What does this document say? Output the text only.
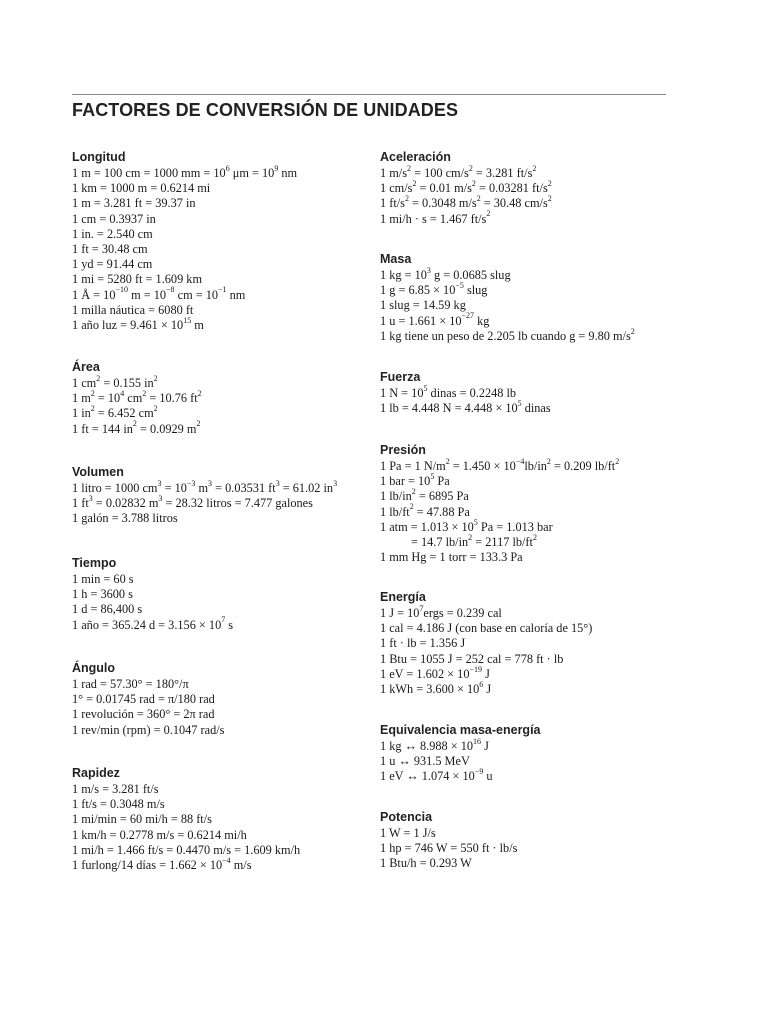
FACTORES DE CONVERSIÓN DE UNIDADES
Longitud
1 m = 100 cm = 1000 mm = $10^6$ $\mu m = 10^9$ nm
1 km = 1000 m = 0.6214 mi
1 m = 3.281 ft = 39.37 in
1 cm = 0.3937 in
1 in. = 2.540 cm
1 ft = 30.48 cm
1 yd = 91.44 cm
1 mi = 5280 ft = 1.609 km
1 Å = $10^{-10}$ $m = 10^{-8}$ cm = $10^{-1}$ nm
1 milla náutica = 6080 ft
1 año luz = $9.461 \times 10^{15}$ m
Área
1 $cm^2 = 0.155$ $in^2$
1 $m^2 = 10^4$ $cm^2 = 10.76$ $ft^2$
1 $in^2 = 6.452$ $cm^2$
1 ft = 144 $in^2 = 0.0929$ $m^2$
Volumen
1 litro = 1000 $cm^3 = 10^{-3}$ $m^3 = 0.03531$ $ft^3 = 61.02$ $in^3$
1 $ft^3 = 0.02832$ $m^3 = 28.32$ litros = 7.477 galones
1 galón = 3.788 litros
Tiempo
1 min = 60 s
1 h = 3600 s
1 d = 86,400 s
1 año = 365.24 $d = 3.156 \times 10^7$ s
Ángulo
1 rad = 57.30° = 180°/π
1° = 0.01745 rad = π/180 rad
1 revolución = 360° = 2π rad
1 rev/min (rpm) = 0.1047 rad/s
Rapidez
1 m/s = 3.281 ft/s
1 ft/s = 0.3048 m/s
1 mi/min = 60 mi/h = 88 ft/s
1 km/h = 0.2778 m/s = 0.6214 mi/h
1 mi/h = 1.466 ft/s = 0.4470 m/s = 1.609 km/h
1 furlong/14 días = $1.662 \times 10^{-4}$ m/s
Aceleración
1 $m/s^2 = 100$ $cm/s^2 = 3.281$ $ft/s^2$
1 $cm/s^2 = 0.01$ $m/s^2 = 0.03281$ $ft/s^2$
1 $ft/s^2 = 0.3048$ $m/s^2 = 30.48$ $cm/s^2$
1 mi/h · s = 1.467 $ft/s^2$
Masa
1 kg = $10^3$ g = 0.0685 slug
1 $g = 6.85 \times 10^{-5}$ slug
1 slug = 14.59 kg
1 $u = 1.661 \times 10^{-27}$ kg
1 kg tiene un peso de 2.205 lb cuando g = 9.80 $m/s^2$
Fuerza
1 $N = 10^5$ dinas = 0.2248 lb
1 lb = 4.448 $N = 4.448 \times 10^5$ dinas
Presión
1 Pa = 1 $N/m^2 = 1.450 \times 10^{-4}lb/in^2 = 0.209$ $lb/ft^2$
1 bar = $10^5$ Pa
1 $lb/in^2 = 6895$ Pa
1 $lb/ft^2 = 47.88$ Pa
1 atm = $1.013 \times 10^5$ Pa = 1.013 bar
= 14.7 $lb/in^2 = 2117$ $lb/ft^2$
1 mm Hg = 1 torr = 133.3 Pa
Energía
1 $J = 10^7ergs = 0.239$ cal
1 cal = 4.186 J (con base en caloría de 15°)
1 ft · lb = 1.356 J
1 Btu = 1055 J = 252 cal = 778 ft · lb
1 eV = $1.602 \times 10^{-19}$ J
1 kWh = $3.600 \times 10^6$ J
Equivalencia masa-energía
1 kg ↔ $8.988 \times 10^{16}$ J
1 u ↔ 931.5 MeV
1 eV ↔ $1.074 \times 10^{-9}$ u
Potencia
1 W = 1 J/s
1 hp = 746 W = 550 ft · lb/s
1 Btu/h = 0.293 W
